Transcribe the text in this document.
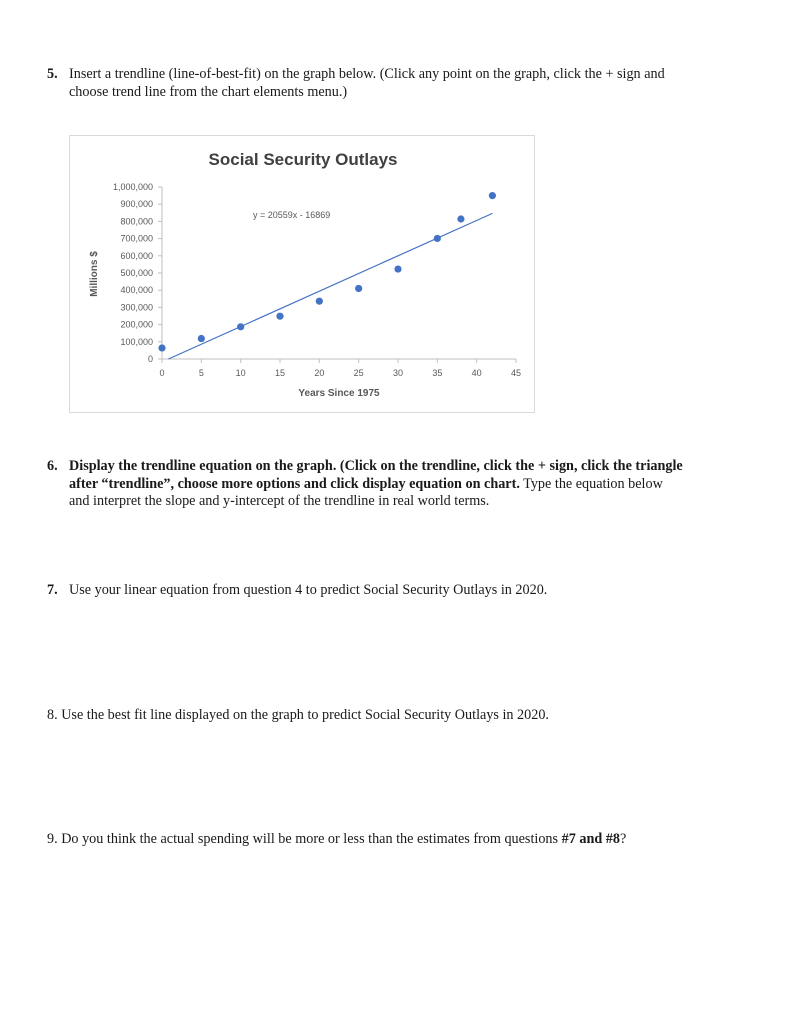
5. Insert a trendline (line-of-best-fit) on the graph below. (Click any point on the graph, click the + sign and
choose trend line from the chart elements menu.)
Social Security Outlays
0
100,000
200,000
300,000
400,000
500,000
600,000
700,000
800,000
900,000
1,000,000
0	5	10	15	20	25	30	35	40	45
y = 20559x - 16869
Years Since 1975
Millions $
6. Display the trendline equation on the graph. (Click on the trendline, click the + sign, click the triangle
after “trendline”, choose more options and click display equation on chart. Type the equation below
and interpret the slope and y-intercept of the trendline in real world terms.
7. Use your linear equation from question 4 to predict Social Security Outlays in 2020.
8. Use the best fit line displayed on the graph to predict Social Security Outlays in 2020.
9. Do you think the actual spending will be more or less than the estimates from questions #7 and #8?
